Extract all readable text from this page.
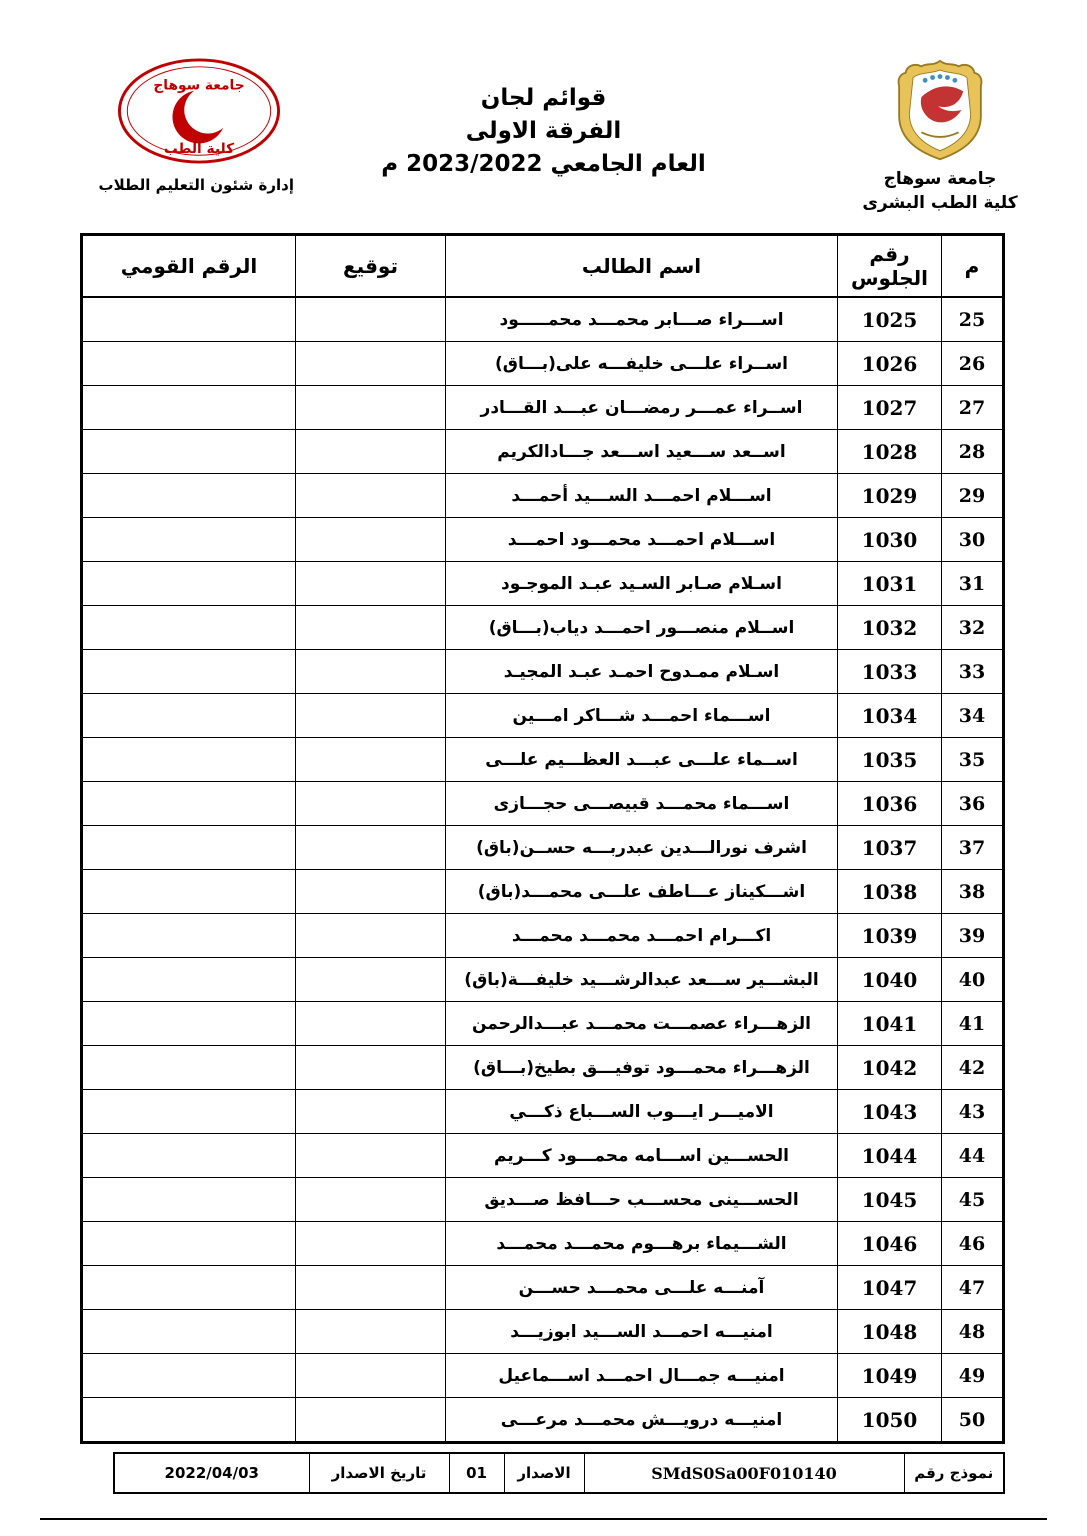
قوائم لجان
الفرقة الاولى
العام الجامعي 2023/2022 م
جامعة سوهاج
كلية الطب البشرى
جامعة سوهاج
كلية الطب
إدارة شئون التعليم الطلاب
م	رقم الجلوس	اسم الطالب	توقيع	الرقم القومي
25	1025	اســـراء صـــابر محمـــد محمـــــود		
26	1026	اســراء علـــى خليفـــه على(بـــاق)		
27	1027	اســراء عمـــر رمضـــان عبـــد القـــادر		
28	1028	اســعد ســـعيد اســـعد جـــادالكريم		
29	1029	اســـلام احمـــد الســـيد أحمـــد		
30	1030	اســـلام احمـــد محمـــود احمـــد		
31	1031	اسـلام صـابر السـيد عبـد الموجـود		
32	1032	اســلام منصـــور احمـــد دياب(بـــاق)		
33	1033	اسـلام ممـدوح احمـد عبـد المجيـد		
34	1034	اســـماء احمـــد شـــاكر امـــين		
35	1035	اســماء علـــى عبـــد العظـــيم علـــى		
36	1036	اســـماء محمـــد قبيصـــى حجـــازى		
37	1037	اشرف نورالـــدين عبدربـــه حســن(باق)		
38	1038	اشـــكيناز عـــاطف علـــى محمـــد(باق)		
39	1039	اكـــرام احمـــد محمـــد محمـــد		
40	1040	البشـــير ســـعد عبدالرشـــيد خليفـــة(باق)		
41	1041	الزهـــراء عصمـــت محمـــد عبـــدالرحمن		
42	1042	الزهـــراء محمـــود توفيـــق بطيخ(بـــاق)		
43	1043	الاميـــر ايـــوب الســـباع ذكـــي		
44	1044	الحســـين اســـامه محمـــود كـــريم		
45	1045	الحســـينى محســـب حـــافظ صـــديق		
46	1046	الشـــيماء برهـــوم محمـــد محمـــد		
47	1047	آمنـــه علـــى محمـــد حســـن		
48	1048	امنيـــه احمـــد الســـيد ابوزيـــد		
49	1049	امنيـــه جمـــال احمـــد اســـماعيل		
50	1050	امنيـــه درويـــش محمـــد مرعـــى		
نموذج رقم	SMdS0Sa00F010140	الاصدار	01	تاريخ الاصدار	2022/04/03
